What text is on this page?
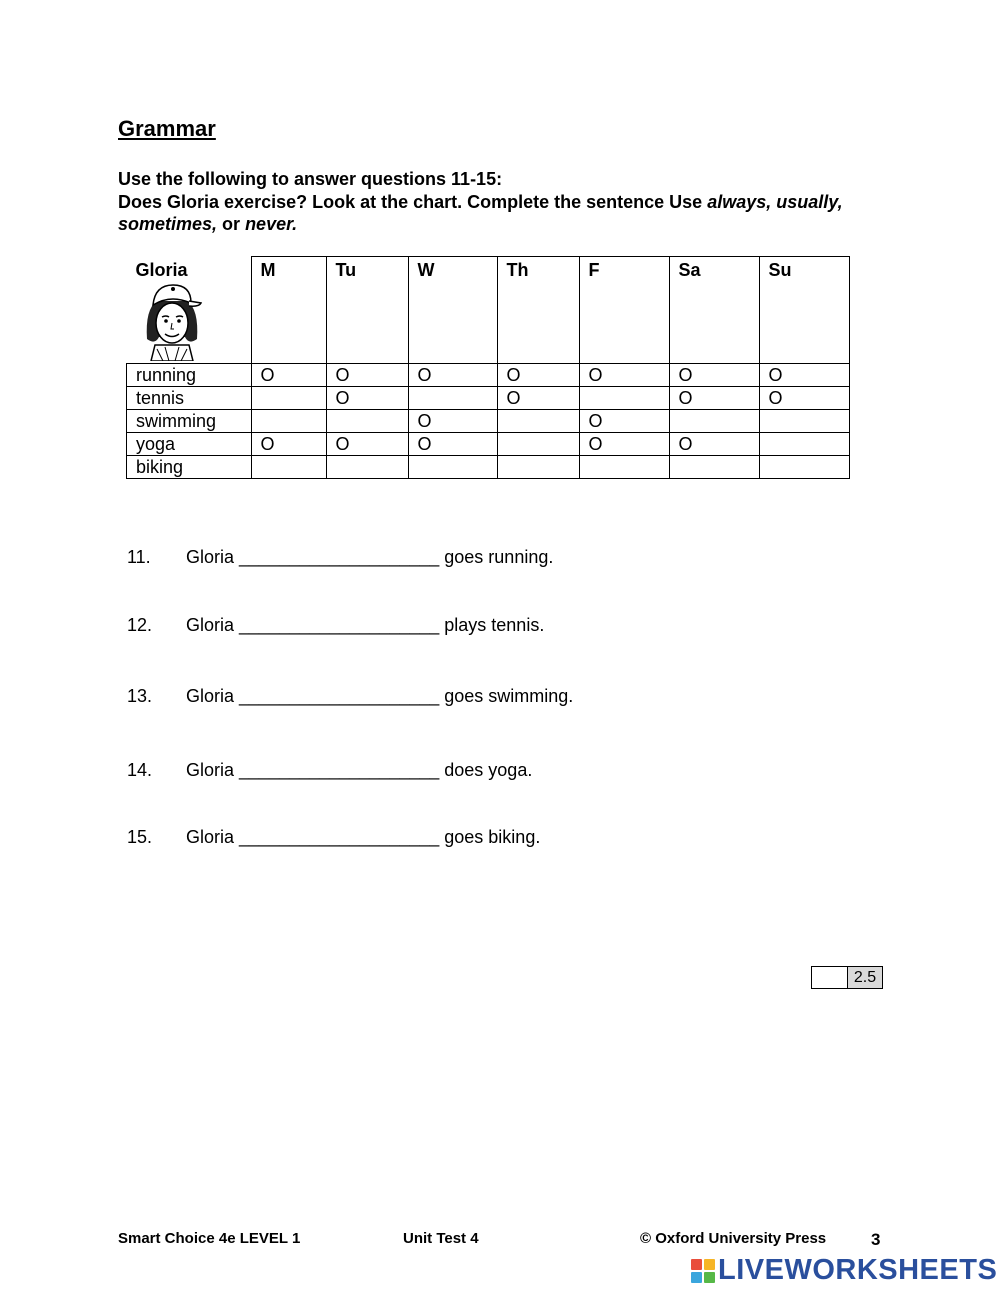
Grammar
Use the following to answer questions 11-15:
Does Gloria exercise? Look at the chart. Complete the sentence Use always, usually, sometimes, or never.
Gloria	M	Tu	W	Th	F	Sa	Su
running	O	O	O	O	O	O	O
tennis		O		O		O	O
swimming			O		O		
yoga	O	O	O		O	O	
biking							
11. Gloria ____________________ goes running.
12. Gloria ____________________ plays tennis.
13. Gloria ____________________ goes swimming.
14. Gloria ____________________ does yoga.
15. Gloria ____________________ goes biking.
2.5
Smart Choice 4e LEVEL 1	Unit Test 4	© Oxford University Press	3
LIVEWORKSHEETS
